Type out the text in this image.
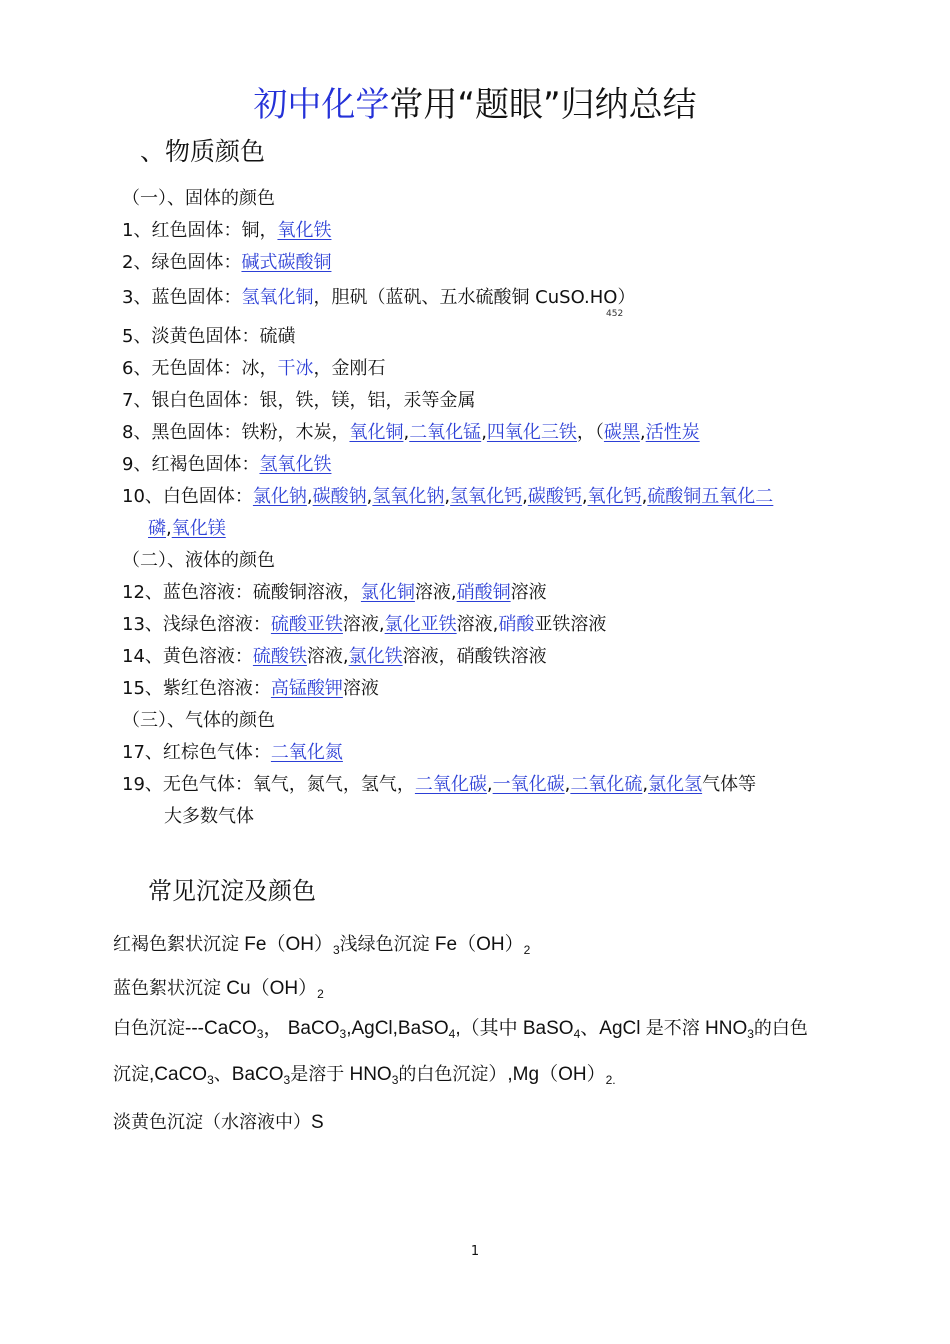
初中化学常用“题眼”归纳总结
、物质颜色
（一）、固体的颜色
1、红色固体：铜，氧化铁
2、绿色固体：碱式碳酸铜
3、蓝色固体：氢氧化铜，胆矾（蓝矾、五水硫酸铜 CuSO.HO）
452
5、淡黄色固体：硫磺
6、无色固体：冰，干冰，金刚石
7、银白色固体：银，铁，镁，铝，汞等金属
8、黑色固体：铁粉，木炭，氧化铜,二氧化锰,四氧化三铁，（碳黑,活性炭
9、红褐色固体：氢氧化铁
10、白色固体：氯化钠,碳酸钠,氢氧化钠,氢氧化钙,碳酸钙,氧化钙,硫酸铜五氧化二
磷,氧化镁
（二）、液体的颜色
12、蓝色溶液：硫酸铜溶液，氯化铜溶液,硝酸铜溶液
13、浅绿色溶液：硫酸亚铁溶液,氯化亚铁溶液,硝酸亚铁溶液
14、黄色溶液：硫酸铁溶液,氯化铁溶液，硝酸铁溶液
15、紫红色溶液：高锰酸钾溶液
（三）、气体的颜色
17、红棕色气体：二氧化氮
19、无色气体：氧气，氮气，氢气，二氧化碳,一氧化碳,二氧化硫,氯化氢气体等
大多数气体
常见沉淀及颜色
红褐色絮状沉淀 $Fe(OH)_3$浅绿色沉淀 $Fe(OH)_2$
蓝色絮状沉淀 $Cu(OH)_2$
白色沉淀---CaCO$_3$， BaCO$_3$,AgCl,BaSO$_4$,（其中 BaSO$_4$、AgCl 是不溶 $HNO_3$的白色
沉淀,CaCO$_3$、BaCO$_3$是溶于 $HNO_3$的白色沉淀）$,Mg(OH)_{2.}$
淡黄色沉淀（水溶液中）S
1
